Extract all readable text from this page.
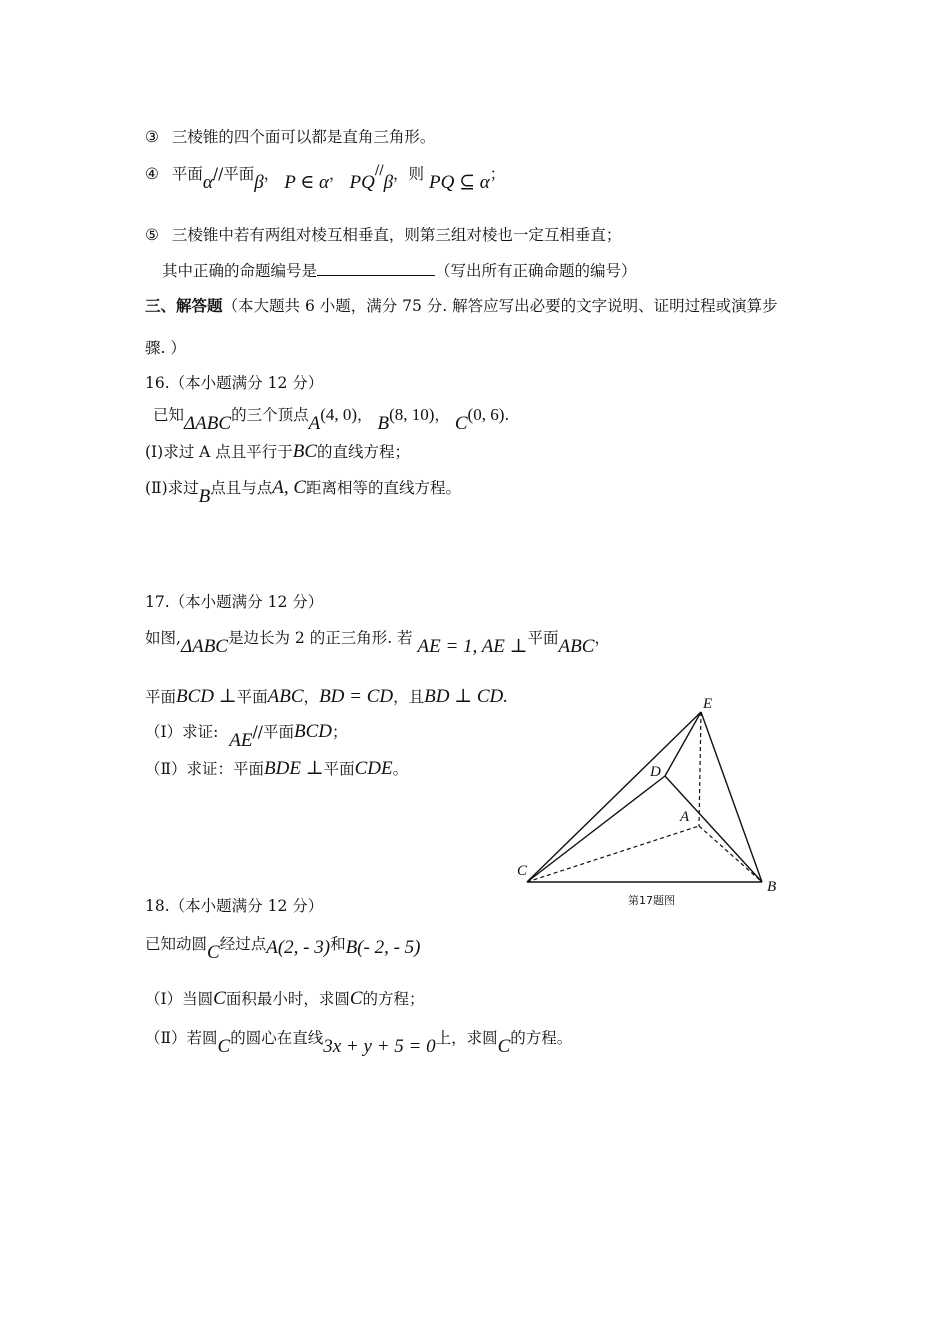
③ 三棱锥的四个面可以都是直角三角形。
④ 平面α//平面β， P ∈ α， PQ//β，则 PQ ⊆ α；
⑤ 三棱锥中若有两组对棱互相垂直，则第三组对棱也一定互相垂直；
其中正确的命题编号是	（写出所有正确命题的编号）
三、解答题（本大题共 6 小题，满分 75 分. 解答应写出必要的文字说明、证明过程或演算步
骤. ）
16.（本小题满分 12 分）
已知ΔABC的三个顶点A(4, 0)， B(8, 10)， C(0, 6).
(Ⅰ)求过 A 点且平行于BC的直线方程；
(Ⅱ)求过B点且与点A, C距离相等的直线方程。
17.（本小题满分 12 分）
如图,ΔABC是边长为 2 的正三角形. 若 AE = 1, AE ⊥平面ABC，
平面BCD ⊥平面ABC，BD = CD，且BD ⊥ CD.
（Ⅰ）求证: AE//平面BCD；
（Ⅱ）求证：平面BDE ⊥平面CDE。
E
D
A
C
B
第17题图
18.（本小题满分 12 分）
已知动圆C经过点A(2, - 3)和B(- 2, - 5)
（Ⅰ）当圆C面积最小时，求圆C的方程；
（Ⅱ）若圆C的圆心在直线3x + y + 5 = 0上，求圆C的方程。
